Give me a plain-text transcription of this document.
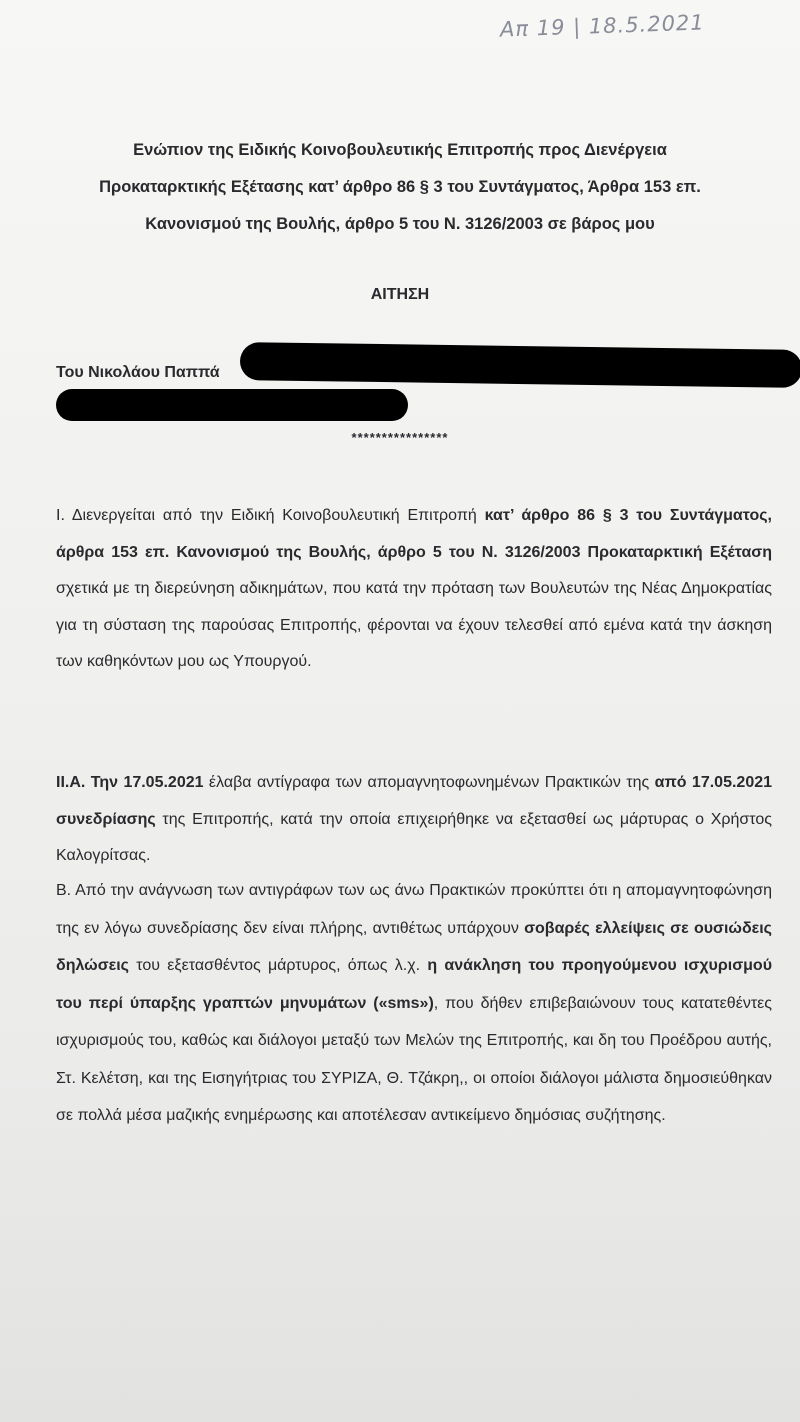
Απ 19 | 18.5.2021
Ενώπιον της Ειδικής Κοινοβουλευτικής Επιτροπής προς Διενέργεια
Προκαταρκτικής Εξέτασης κατ’ άρθρο 86 § 3 του Συντάγματος, Άρθρα 153 επ.
Κανονισμού της Βουλής, άρθρο 5 του Ν. 3126/2003 σε βάρος μου
ΑΙΤΗΣΗ
Του Νικολάου Παππά
****************

Ι. Διενεργείται από την Ειδική Κοινοβουλευτική Επιτροπή κατ’ άρθρο 86 § 3 του Συντάγματος, άρθρα 153 επ. Κανονισμού της Βουλής, άρθρο 5 του Ν. 3126/2003 Προκαταρκτική Εξέταση σχετικά με τη διερεύνηση αδικημάτων, που κατά την πρόταση των Βουλευτών της Νέας Δημοκρατίας για τη σύσταση της παρούσας Επιτροπής, φέρονται να έχουν τελεσθεί από εμένα κατά την άσκηση των καθηκόντων μου ως Υπουργού.

ΙΙ.Α. Την 17.05.2021 έλαβα αντίγραφα των απομαγνητοφωνημένων Πρακτικών της από 17.05.2021 συνεδρίασης της Επιτροπής, κατά την οποία επιχειρήθηκε να εξετασθεί ως μάρτυρας ο Χρήστος Καλογρίτσας.

Β. Από την ανάγνωση των αντιγράφων των ως άνω Πρακτικών προκύπτει ότι η απομαγνητοφώνηση της εν λόγω συνεδρίασης δεν είναι πλήρης, αντιθέτως υπάρχουν σοβαρές ελλείψεις σε ουσιώδεις δηλώσεις του εξετασθέντος μάρτυρος, όπως λ.χ. η ανάκληση του προηγούμενου ισχυρισμού του περί ύπαρξης γραπτών μηνυμάτων («sms»), που δήθεν επιβεβαιώνουν τους κατατεθέντες ισχυρισμούς του, καθώς και διάλογοι μεταξύ των Μελών της Επιτροπής, και δη του Προέδρου αυτής, Στ. Κελέτση, και της Εισηγήτριας του ΣΥΡΙΖΑ, Θ. Τζάκρη,, οι οποίοι διάλογοι μάλιστα δημοσιεύθηκαν σε πολλά μέσα μαζικής ενημέρωσης και αποτέλεσαν αντικείμενο δημόσιας συζήτησης.
